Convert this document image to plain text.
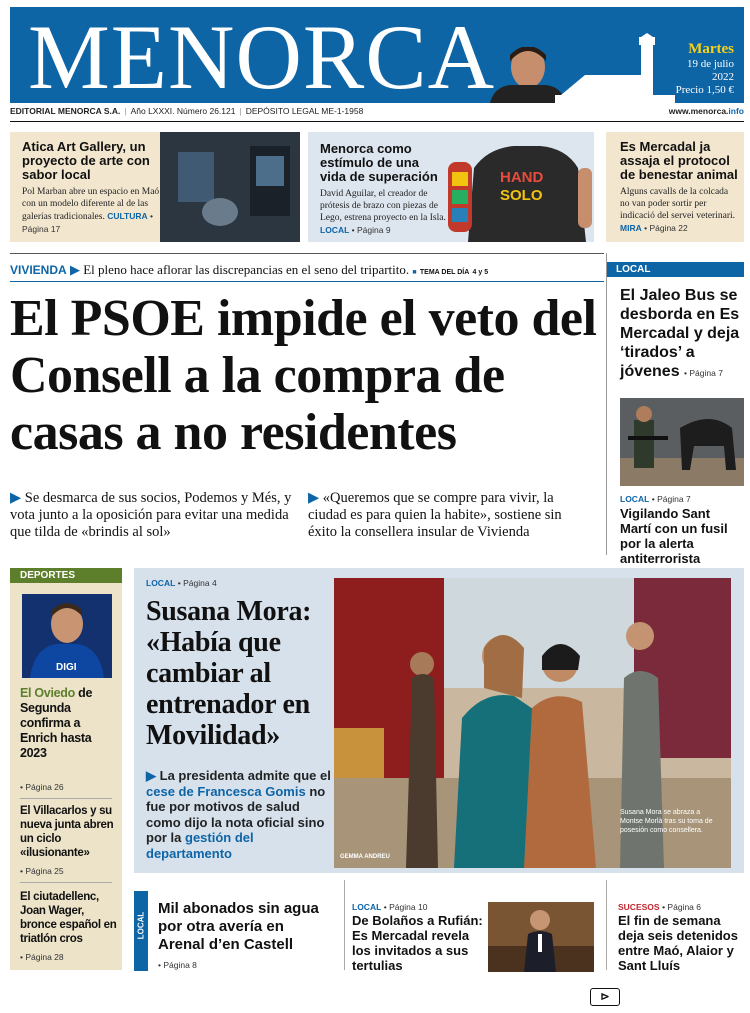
MENORCA	Martes
19 de julio
2022
Precio 1,50 €
EDITORIAL MENORCA S.A. | Año LXXXI. Número 26.121 | DEPÓSITO LEGAL ME-1-1958	www.menorca.info
Atica Art Gallery, un proyecto de arte con sabor local
Pol Marban abre un espacio en Maó con un modelo diferente al de las galerías tradicionales. CULTURA • Página 17
Menorca como estímulo de una vida de superación
David Aguilar, el creador de prótesis de brazo con piezas de Lego, estrena proyecto en la Isla. LOCAL • Página 9
HAND
SOLO
Es Mercadal ja assaja el protocol de benestar animal
Alguns cavalls de la colcada no van poder sortir per indicació del servei veterinari. MIRA • Página 22
VIVIENDA ▶ El pleno hace aflorar las discrepancias en el seno del tripartito. ■ TEMA DEL DÍA 4 y 5
El PSOE impide el veto del Consell a la compra de casas a no residentes
▶ Se desmarca de sus socios, Podemos y Més, y vota junto a la oposición para evitar una medida que tilda de «brindis al sol»
▶ «Queremos que se compre para vivir, la ciudad es para quien la habite», sostiene sin éxito la consellera insular de Vivienda
LOCAL
El Jaleo Bus se desborda en Es Mercadal y deja ‘tirados’ a jóvenes • Página 7
LOCAL • Página 7
Vigilando Sant Martí con un fusil por la alerta antiterrorista
DEPORTES
DIGI
El Oviedo de Segunda confirma a Enrich hasta 2023
• Página 26
El Villacarlos y su nueva junta abren un ciclo «ilusionante»
• Página 25
El ciutadellenc, Joan Wager, bronce español en triatlón cros
• Página 28
LOCAL • Página 4
Susana Mora: «Había que cambiar al entrenador en Movilidad»
▶ La presidenta admite que el cese de Francesca Gomis no fue por motivos de salud como dijo la nota oficial sino por la gestión del departamento	GEMMA ANDREU
Susana Mora se abraza a Montse Morlà tras su toma de posesión como consellera.
LOCAL
Mil abonados sin agua por otra avería en Arenal d’en Castell
• Página 8
LOCAL • Página 10
De Bolaños a Rufián: Es Mercadal revela los invitados a sus tertulias
SUCESOS • Página 6
El fin de semana deja seis detenidos entre Maó, Alaior y Sant Lluís
⊳
